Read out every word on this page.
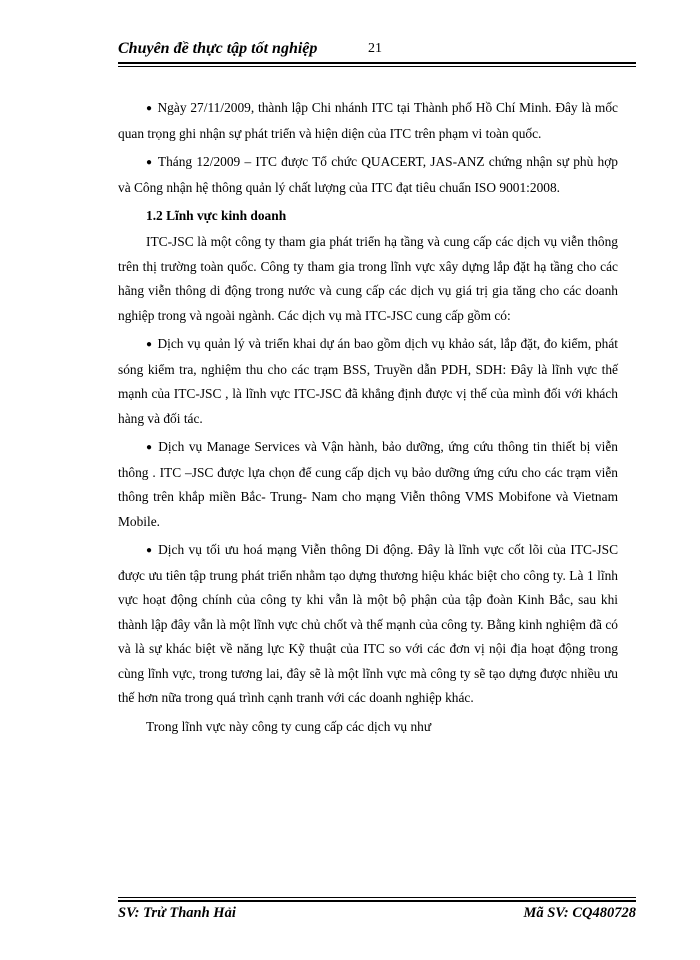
Chuyên đề thực tập tốt nghiệp	21

● Ngày 27/11/2009, thành lập Chi nhánh ITC tại Thành phố Hồ Chí Minh. Đây là mốc quan trọng ghi nhận sự phát triển và hiện diện của ITC trên phạm vi toàn quốc.

● Tháng 12/2009 – ITC được Tổ chức QUACERT, JAS-ANZ chứng nhận sự phù hợp và Công nhận hệ thông quản lý chất lượng của ITC đạt tiêu chuẩn ISO 9001:2008.

1.2 Lĩnh vực kinh doanh

ITC-JSC là một công ty tham gia phát triển hạ tầng và cung cấp các dịch vụ viễn thông trên thị trường toàn quốc. Công ty tham gia trong lĩnh vực xây dựng lắp đặt hạ tầng cho các hãng viễn thông di động trong nước và cung cấp các dịch vụ giá trị gia tăng cho các doanh nghiệp trong và ngoài ngành. Các dịch vụ mà ITC-JSC cung cấp gồm có:

● Dịch vụ quản lý và triển khai dự án bao gồm dịch vụ khảo sát, lắp đặt, đo kiểm, phát sóng kiểm tra, nghiệm thu cho các trạm BSS, Truyền dẫn PDH, SDH: Đây là lĩnh vực thế mạnh của ITC-JSC , là lĩnh vực ITC-JSC đã khẳng định được vị thế của mình đối với khách hàng và đối tác.

● Dịch vụ Manage Services và Vận hành, bảo dưỡng, ứng cứu thông tin thiết bị viễn thông . ITC –JSC được lựa chọn để cung cấp dịch vụ bảo dưỡng ứng cứu cho các trạm viễn thông trên khắp miền Bắc- Trung- Nam cho mạng Viễn thông VMS Mobifone và Vietnam Mobile.

● Dịch vụ tối ưu hoá mạng Viễn thông Di động. Đây là lĩnh vực cốt lõi của ITC-JSC được ưu tiên tập trung phát triển nhằm tạo dựng thương hiệu khác biệt cho công ty. Là 1 lĩnh vực hoạt động chính của công ty khi vẫn là một bộ phận của tập đoàn Kinh Bắc, sau khi thành lập đây vẫn là một lĩnh vực chủ chốt và thế mạnh của công ty. Bằng kinh nghiệm đã có và là sự khác biệt về năng lực Kỹ thuật của ITC so với các đơn vị nội địa hoạt động trong cùng lĩnh vực, trong tương lai, đây sẽ là một lĩnh vực mà công ty sẽ tạo dựng được nhiều ưu thế hơn nữa trong quá trình cạnh tranh với các doanh nghiệp khác.

Trong lĩnh vực này công ty cung cấp các dịch vụ như

SV: Trử Thanh Hải	Mã SV: CQ480728
